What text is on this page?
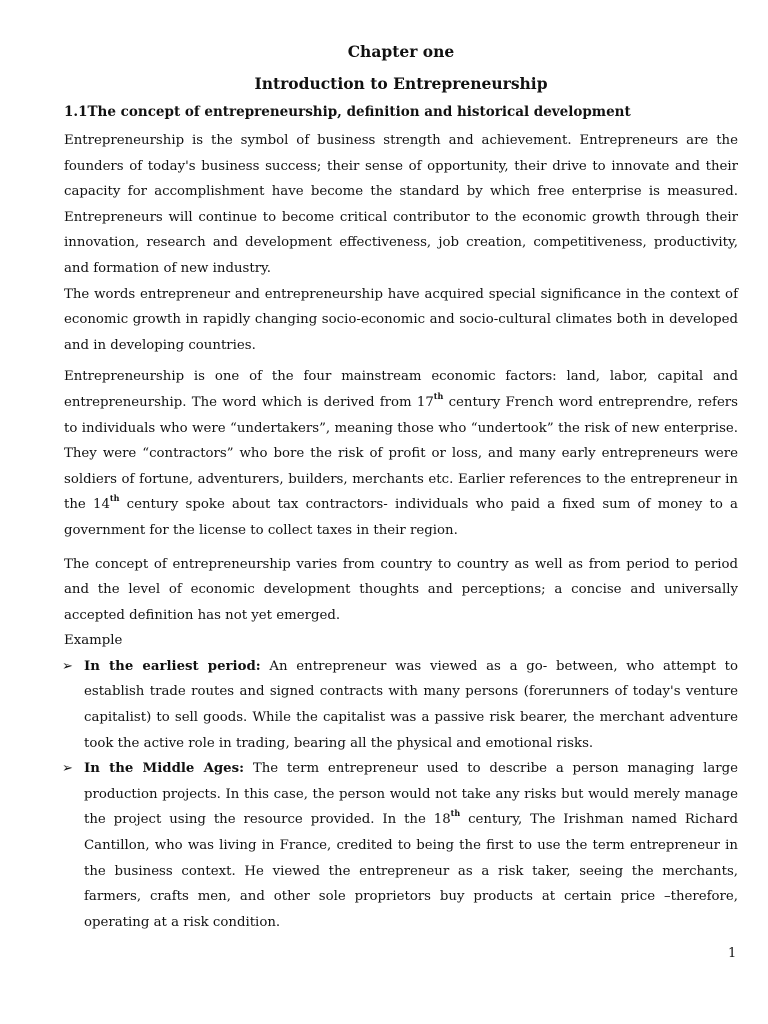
Chapter one
Introduction to Entrepreneurship
1.1The concept of entrepreneurship, definition and historical development

Entrepreneurship is the symbol of business strength and achievement. Entrepreneurs are the founders of today's business success; their sense of opportunity, their drive to innovate and their capacity for accomplishment have become the standard by which free enterprise is measured. Entrepreneurs will continue to become critical contributor to the economic growth through their innovation, research and development effectiveness, job creation, competitiveness, productivity, and formation of new industry.

The words entrepreneur and entrepreneurship have acquired special significance in the context of economic growth in rapidly changing socio-economic and socio-cultural climates both in developed and in developing countries.

Entrepreneurship is one of the four mainstream economic factors: land, labor, capital and entrepreneurship. The word which is derived from 17th century French word entreprendre, refers to individuals who were “undertakers”, meaning those who “undertook” the risk of new enterprise. They were “contractors” who bore the risk of profit or loss, and many early entrepreneurs were soldiers of fortune, adventurers, builders, merchants etc. Earlier references to the entrepreneur in the 14th century spoke about tax contractors- individuals who paid a fixed sum of money to a government for the license to collect taxes in their region.

The concept of entrepreneurship varies from country to country as well as from period to period and the level of economic development thoughts and perceptions; a concise and universally accepted definition has not yet emerged.

Example

➢ In the earliest period: An entrepreneur was viewed as a go- between, who attempt to establish trade routes and signed contracts with many persons (forerunners of today's venture capitalist) to sell goods. While the capitalist was a passive risk bearer, the merchant adventure took the active role in trading, bearing all the physical and emotional risks.
➢ In the Middle Ages: The term entrepreneur used to describe a person managing large production projects. In this case, the person would not take any risks but would merely manage the project using the resource provided. In the 18th century, The Irishman named Richard Cantillon, who was living in France, credited to being the first to use the term entrepreneur in the business context. He viewed the entrepreneur as a risk taker, seeing the merchants, farmers, crafts men, and other sole proprietors buy products at certain price –therefore, operating at a risk condition.
1
